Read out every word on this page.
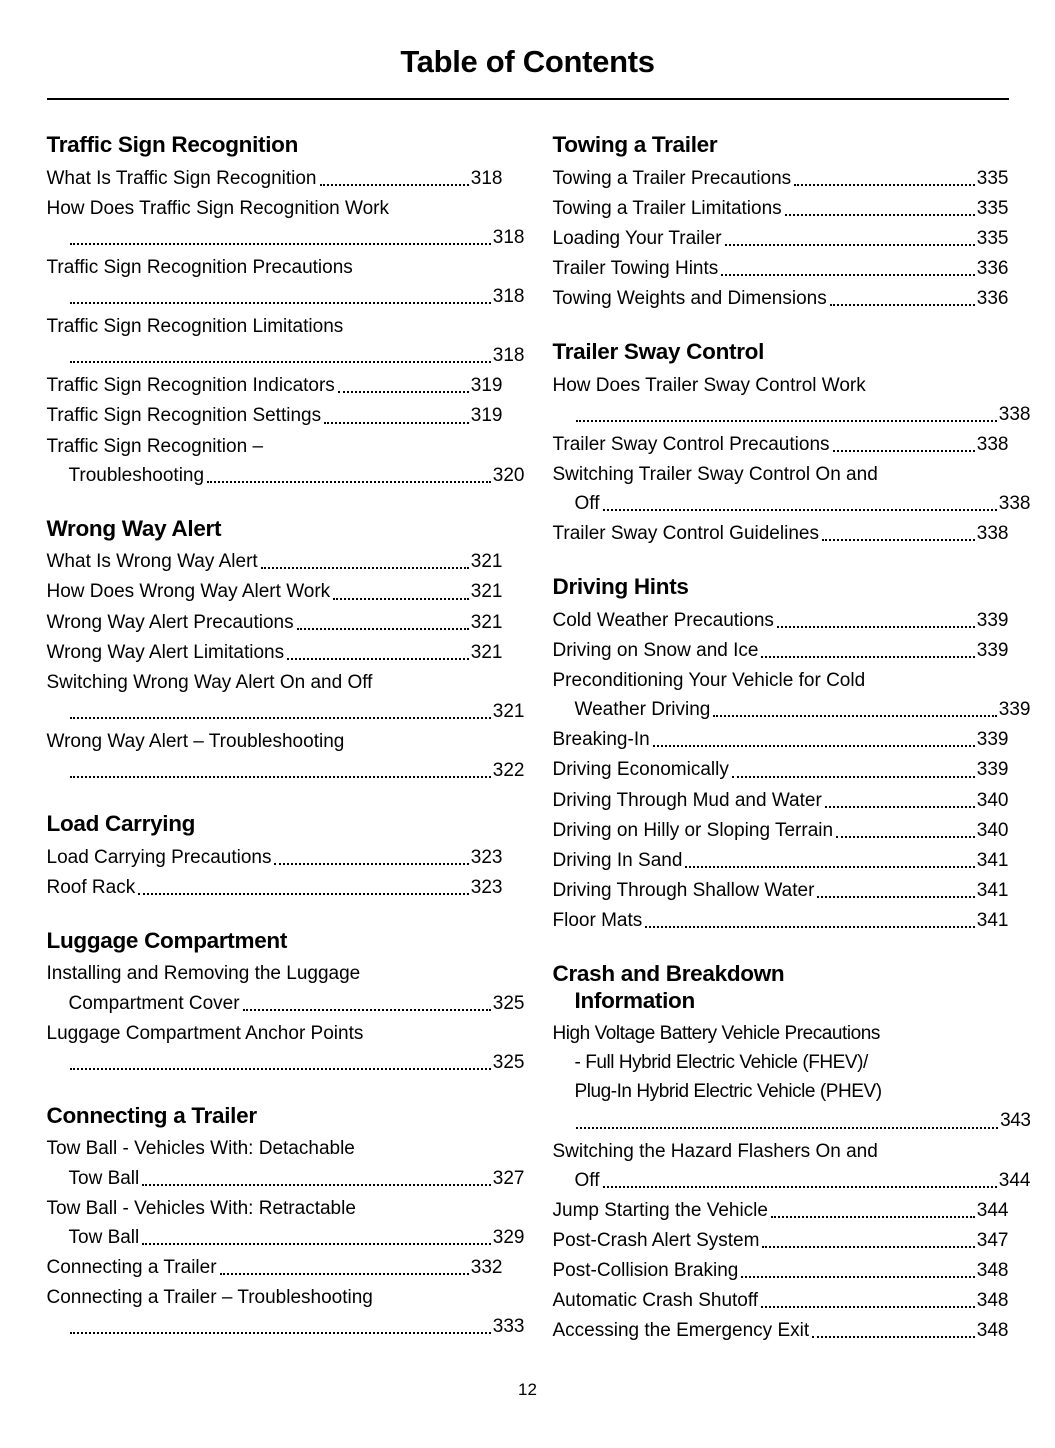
Table of Contents
Traffic Sign Recognition
What Is Traffic Sign Recognition	318
How Does Traffic Sign Recognition Work
318
Traffic Sign Recognition Precautions
318
Traffic Sign Recognition Limitations
318
Traffic Sign Recognition Indicators	319
Traffic Sign Recognition Settings	319
Traffic Sign Recognition –
Troubleshooting	320
Wrong Way Alert
What Is Wrong Way Alert	321
How Does Wrong Way Alert Work	321
Wrong Way Alert Precautions	321
Wrong Way Alert Limitations	321
Switching Wrong Way Alert On and Off
321
Wrong Way Alert – Troubleshooting
322
Load Carrying
Load Carrying Precautions	323
Roof Rack	323
Luggage Compartment
Installing and Removing the Luggage
Compartment Cover	325
Luggage Compartment Anchor Points
325
Connecting a Trailer
Tow Ball - Vehicles With: Detachable
Tow Ball	327
Tow Ball - Vehicles With: Retractable
Tow Ball	329
Connecting a Trailer	332
Connecting a Trailer – Troubleshooting
333
Towing a Trailer
Towing a Trailer Precautions	335
Towing a Trailer Limitations	335
Loading Your Trailer	335
Trailer Towing Hints	336
Towing Weights and Dimensions	336
Trailer Sway Control
How Does Trailer Sway Control Work
338
Trailer Sway Control Precautions	338
Switching Trailer Sway Control On and
Off	338
Trailer Sway Control Guidelines	338
Driving Hints
Cold Weather Precautions	339
Driving on Snow and Ice	339
Preconditioning Your Vehicle for Cold
Weather Driving	339
Breaking-In	339
Driving Economically	339
Driving Through Mud and Water	340
Driving on Hilly or Sloping Terrain	340
Driving In Sand	341
Driving Through Shallow Water	341
Floor Mats	341
Crash and Breakdown
Information
High Voltage Battery Vehicle Precautions
- Full Hybrid Electric Vehicle (FHEV)/
Plug-In Hybrid Electric Vehicle (PHEV)
343
Switching the Hazard Flashers On and
Off	344
Jump Starting the Vehicle	344
Post-Crash Alert System	347
Post-Collision Braking	348
Automatic Crash Shutoff	348
Accessing the Emergency Exit	348
12
